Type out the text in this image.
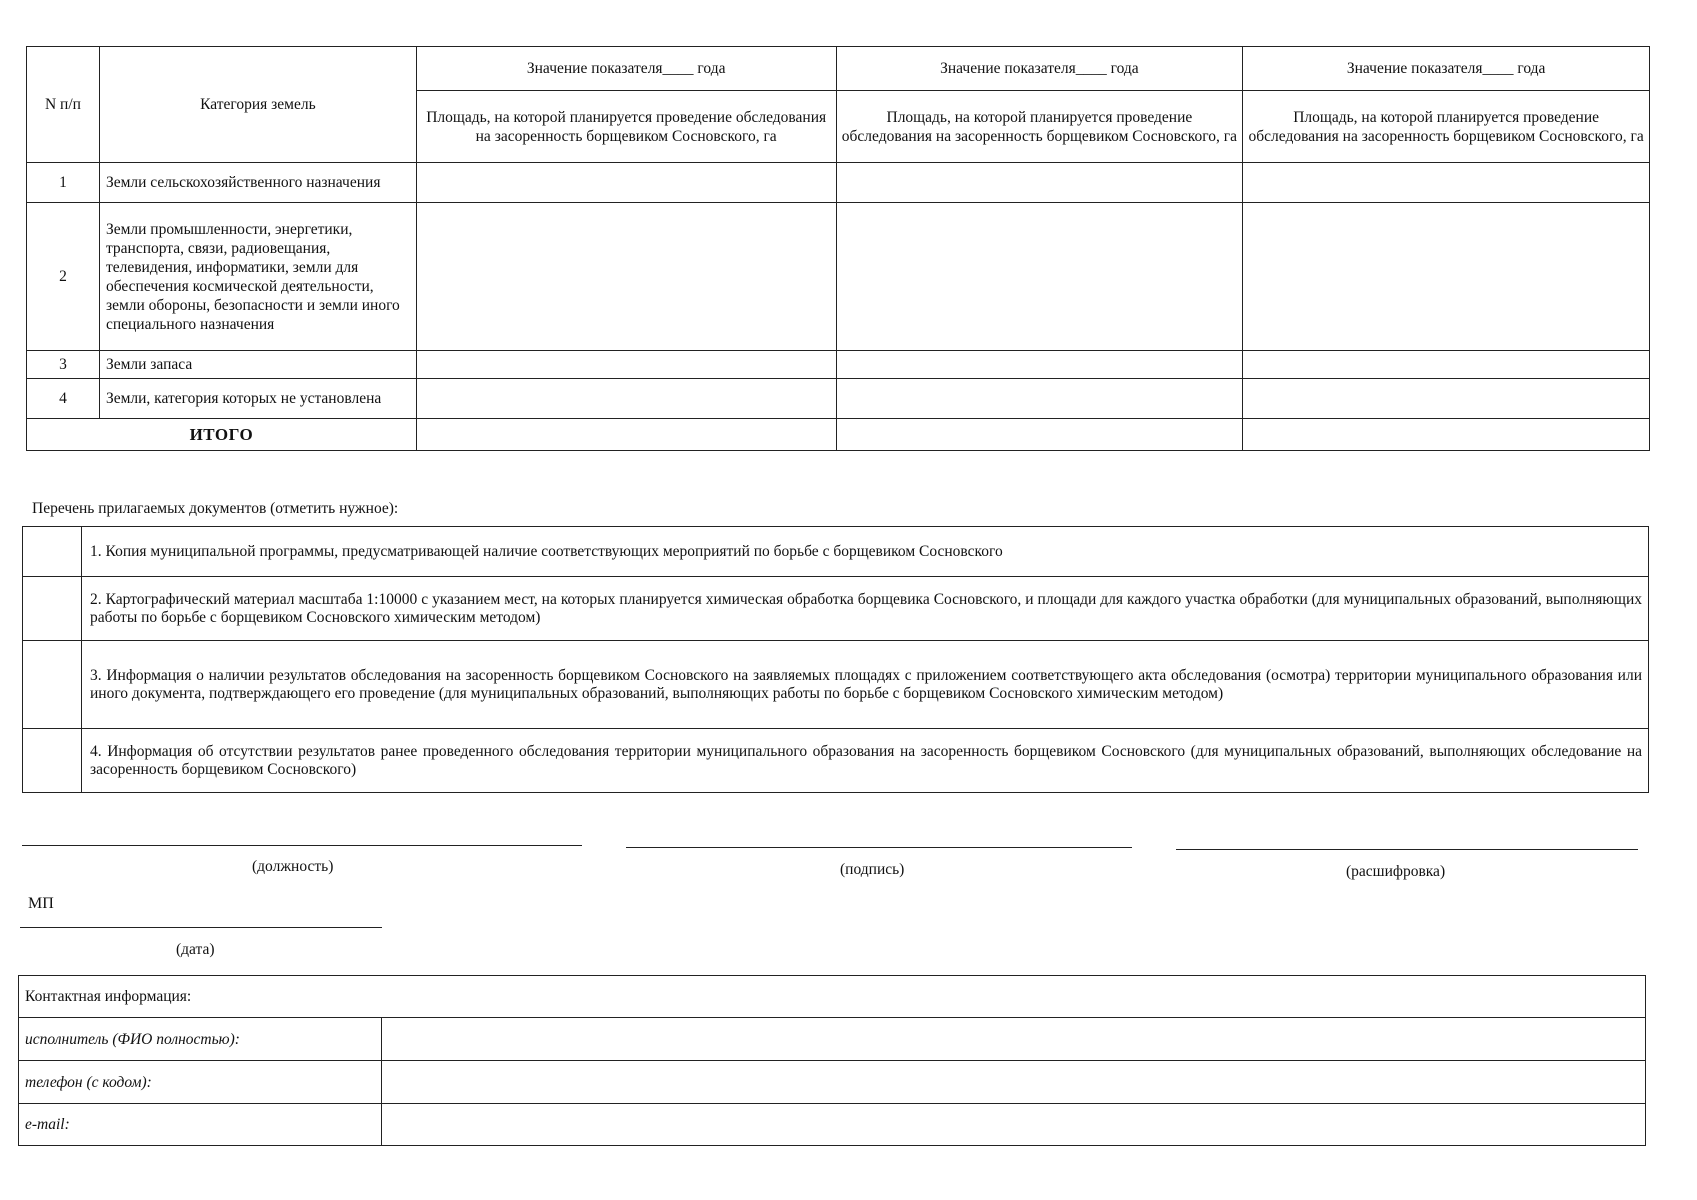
N п/п	Категория земель	Значение показателя____ года	Значение показателя____ года	Значение показателя____ года
		Площадь, на которой планируется проведение обследования на засоренность борщевиком Сосновского, га	Площадь, на которой планируется проведение обследования на засоренность борщевиком Сосновского, га	Площадь, на которой планируется проведение обследования на засоренность борщевиком Сосновского, га
1	Земли сельскохозяйственного назначения			
2	Земли промышленности, энергетики, транспорта, связи, радиовещания, телевидения, информатики, земли для обеспечения космической деятельности, земли обороны, безопасности и земли иного специального назначения			
3	Земли запаса			
4	Земли, категория которых не установлена			
ИТОГО				
Перечень прилагаемых документов (отметить нужное):
	1. Копия муниципальной программы, предусматривающей наличие соответствующих мероприятий по борьбе с борщевиком Сосновского
	2. Картографический материал масштаба 1:10000 с указанием мест, на которых планируется химическая обработка борщевика Сосновского, и площади для каждого участка обработки (для муниципальных образований, выполняющих работы по борьбе с борщевиком Сосновского химическим методом)
	3. Информация о наличии результатов обследования на засоренность борщевиком Сосновского на заявляемых площадях с приложением соответствующего акта обследования (осмотра) территории муниципального образования или иного документа, подтверждающего его проведение (для муниципальных образований, выполняющих работы по борьбе с борщевиком Сосновского химическим методом)
	4. Информация об отсутствии результатов ранее проведенного обследования территории муниципального образования на засоренность борщевиком Сосновского (для муниципальных образований, выполняющих обследование на засоренность борщевиком Сосновского)
(должность)	(подпись)	(расшифровка)
МП
(дата)
Контактная информация:	
исполнитель (ФИО полностью):	
телефон (с кодом):	
e-mail:	
